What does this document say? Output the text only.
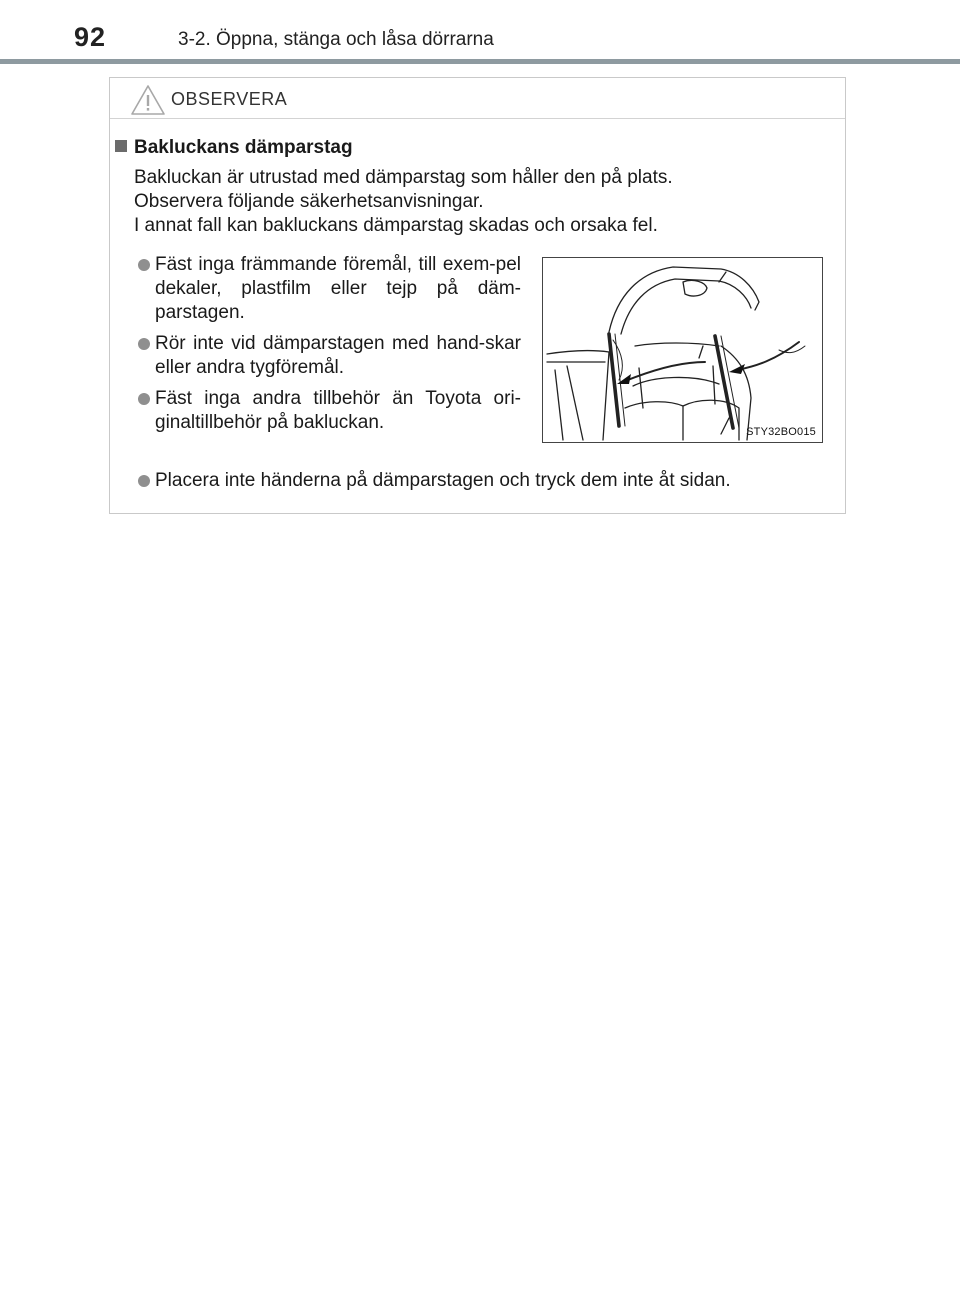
92	3-2. Öppna, stänga och låsa dörrarna
OBSERVERA
Bakluckans dämparstag
Bakluckan är utrustad med dämparstag som håller den på plats.
Observera följande säkerhetsanvisningar.
I annat fall kan bakluckans dämparstag skadas och orsaka fel.
Fäst inga främmande föremål, till exem-pel dekaler, plastfilm eller tejp på däm-parstagen.
Rör inte vid dämparstagen med hand-skar eller andra tygföremål.
Fäst inga andra tillbehör än Toyota ori-ginaltillbehör på bakluckan.	STY32BO015
Placera inte händerna på dämparstagen och tryck dem inte åt sidan.
